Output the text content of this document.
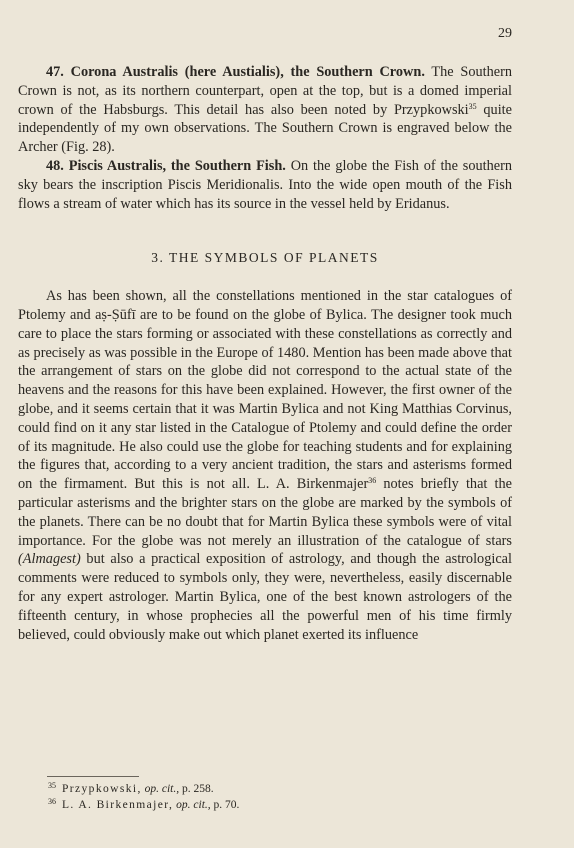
29

47. Corona Australis (here Austialis), the Southern Crown. The Southern Crown is not, as its northern counterpart, open at the top, but is a domed imperial crown of the Habsburgs. This detail has also been noted by Przypkowski$^{35}$ quite independently of my own observations. The Southern Crown is engraved below the Archer (Fig. 28).

48. Piscis Australis, the Southern Fish. On the globe the Fish of the southern sky bears the inscription Piscis Meridionalis. Into the wide open mouth of the Fish flows a stream of water which has its source in the vessel held by Eridanus.

3. THE SYMBOLS OF PLANETS

As has been shown, all the constellations mentioned in the star catalogues of Ptolemy and aṣ-Ṣūfī are to be found on the globe of Bylica. The designer took much care to place the stars forming or associated with these constellations as correctly and as precisely as was possible in the Europe of 1480. Mention has been made above that the arrangement of stars on the globe did not correspond to the actual state of the heavens and the reasons for this have been explained. However, the first owner of the globe, and it seems certain that it was Martin Bylica and not King Matthias Corvinus, could find on it any star listed in the Catalogue of Ptolemy and could define the order of its magnitude. He also could use the globe for teaching students and for explaining the figures that, according to a very ancient tradition, the stars and asterisms formed on the firmament. But this is not all. L. A. Birkenmajer$^{36}$ notes briefly that the particular asterisms and the brighter stars on the globe are marked by the symbols of the planets. There can be no doubt that for Martin Bylica these symbols were of vital importance. For the globe was not merely an illustration of the catalogue of stars (Almagest) but also a practical exposition of astrology, and though the astrological comments were reduced to symbols only, they were, nevertheless, easily discernable for any expert astrologer. Martin Bylica, one of the best known astrologers of the fifteenth century, in whose prophecies all the powerful men of his time firmly believed, could obviously make out which planet exerted its influence

$^{35}$ Przypkowski, op. cit., p. 258.

$^{36}$ L. A. Birkenmajer, op. cit., p. 70.
